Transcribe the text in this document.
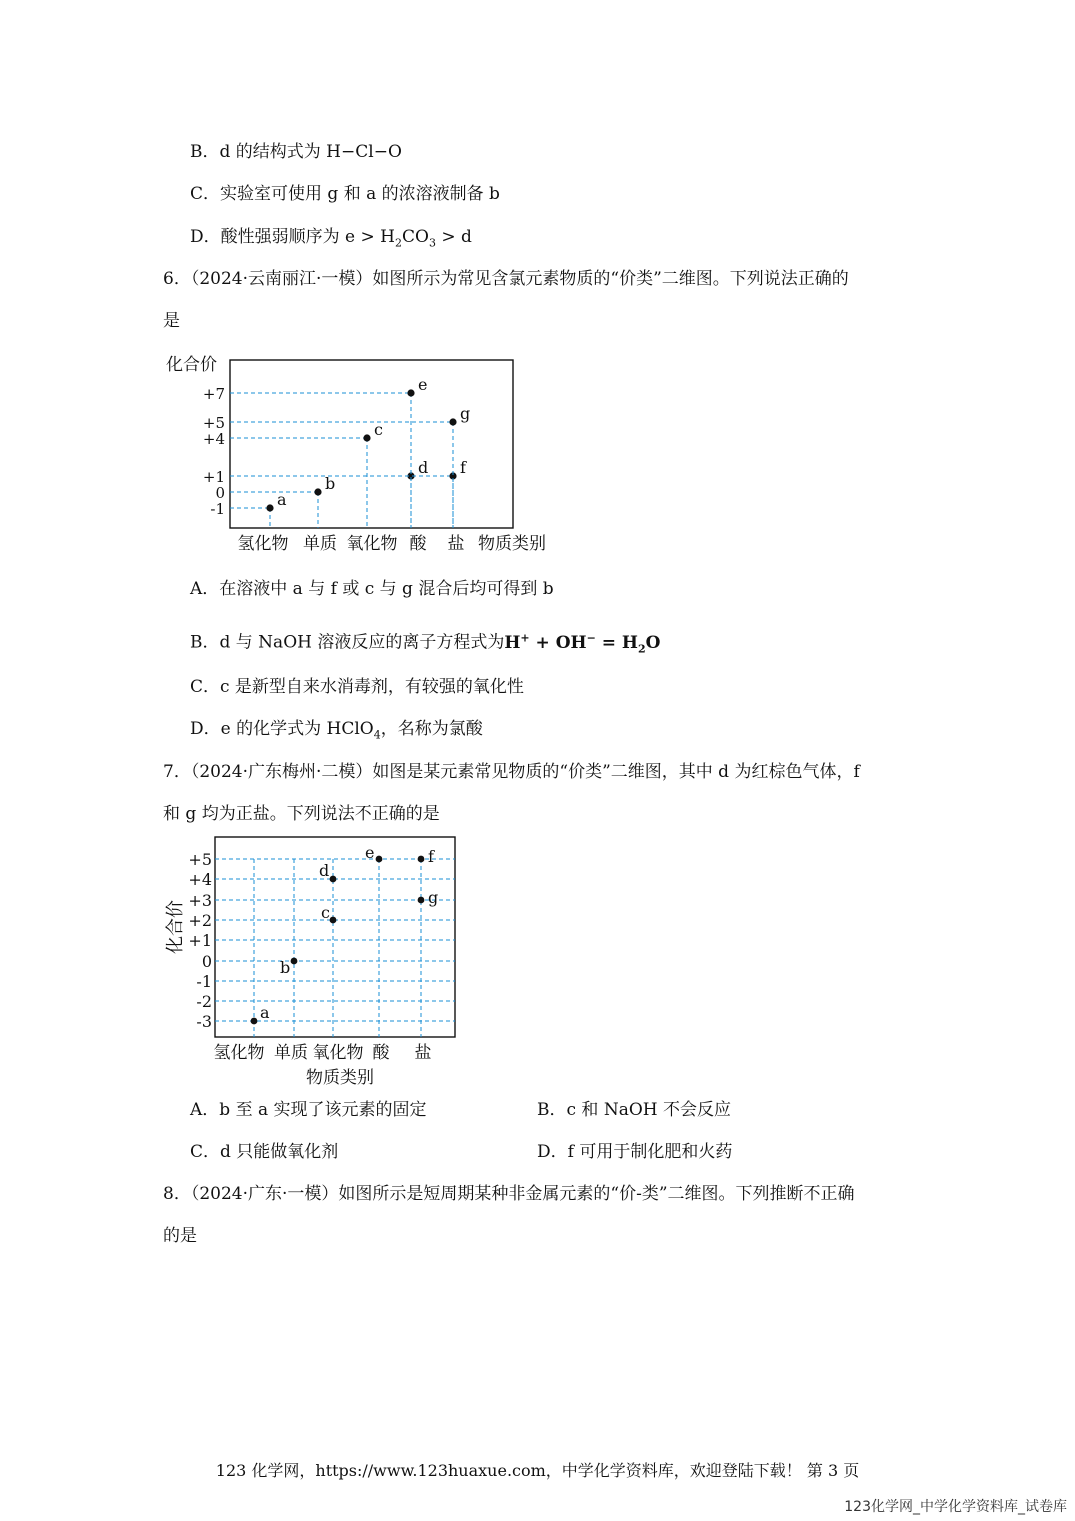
B．d 的结构式为 H−Cl−O
C．实验室可使用 g 和 a 的浓溶液制备 b
D．酸性强弱顺序为 $e > H_2CO_3 > d$
6．（2024·云南丽江·一模）如图所示为常见含氯元素物质的“价类”二维图。下列说法正确的
是
化合价
+7
+5
+4
+1
0
-1
氢化物 单质 氧化物 酸 盐 物质类别
a
b
c
d
e
f
g
A．在溶液中 a 与 f 或 c 与 g 混合后均可得到 b
B．d 与 NaOH 溶液反应的离子方程式为$H^+ + OH^- = H_2O$
C．c 是新型自来水消毒剂，有较强的氧化性
D．e 的化学式为 HClO$_4$，名称为氯酸
7．（2024·广东梅州·二模）如图是某元素常见物质的“价类”二维图，其中 d 为红棕色气体，f
和 g 均为正盐。下列说法不正确的是
+5
+4
+3
+2
+1
0
-1
-2
-3
化合价
氢化物 单质 氧化物 酸 盐
物质类别
a
b
c
d
e	f
g
A．b 至 a 实现了该元素的固定	B．c 和 NaOH 不会反应
C．d 只能做氧化剂	D．f 可用于制化肥和火药
8．（2024·广东·一模）如图所示是短周期某种非金属元素的“价-类”二维图。下列推断不正确
的是
123 化学网，https://www.123huaxue.com，中学化学资料库，欢迎登陆下载！ 第 3 页
123化学网_中学化学资料库_试卷库
